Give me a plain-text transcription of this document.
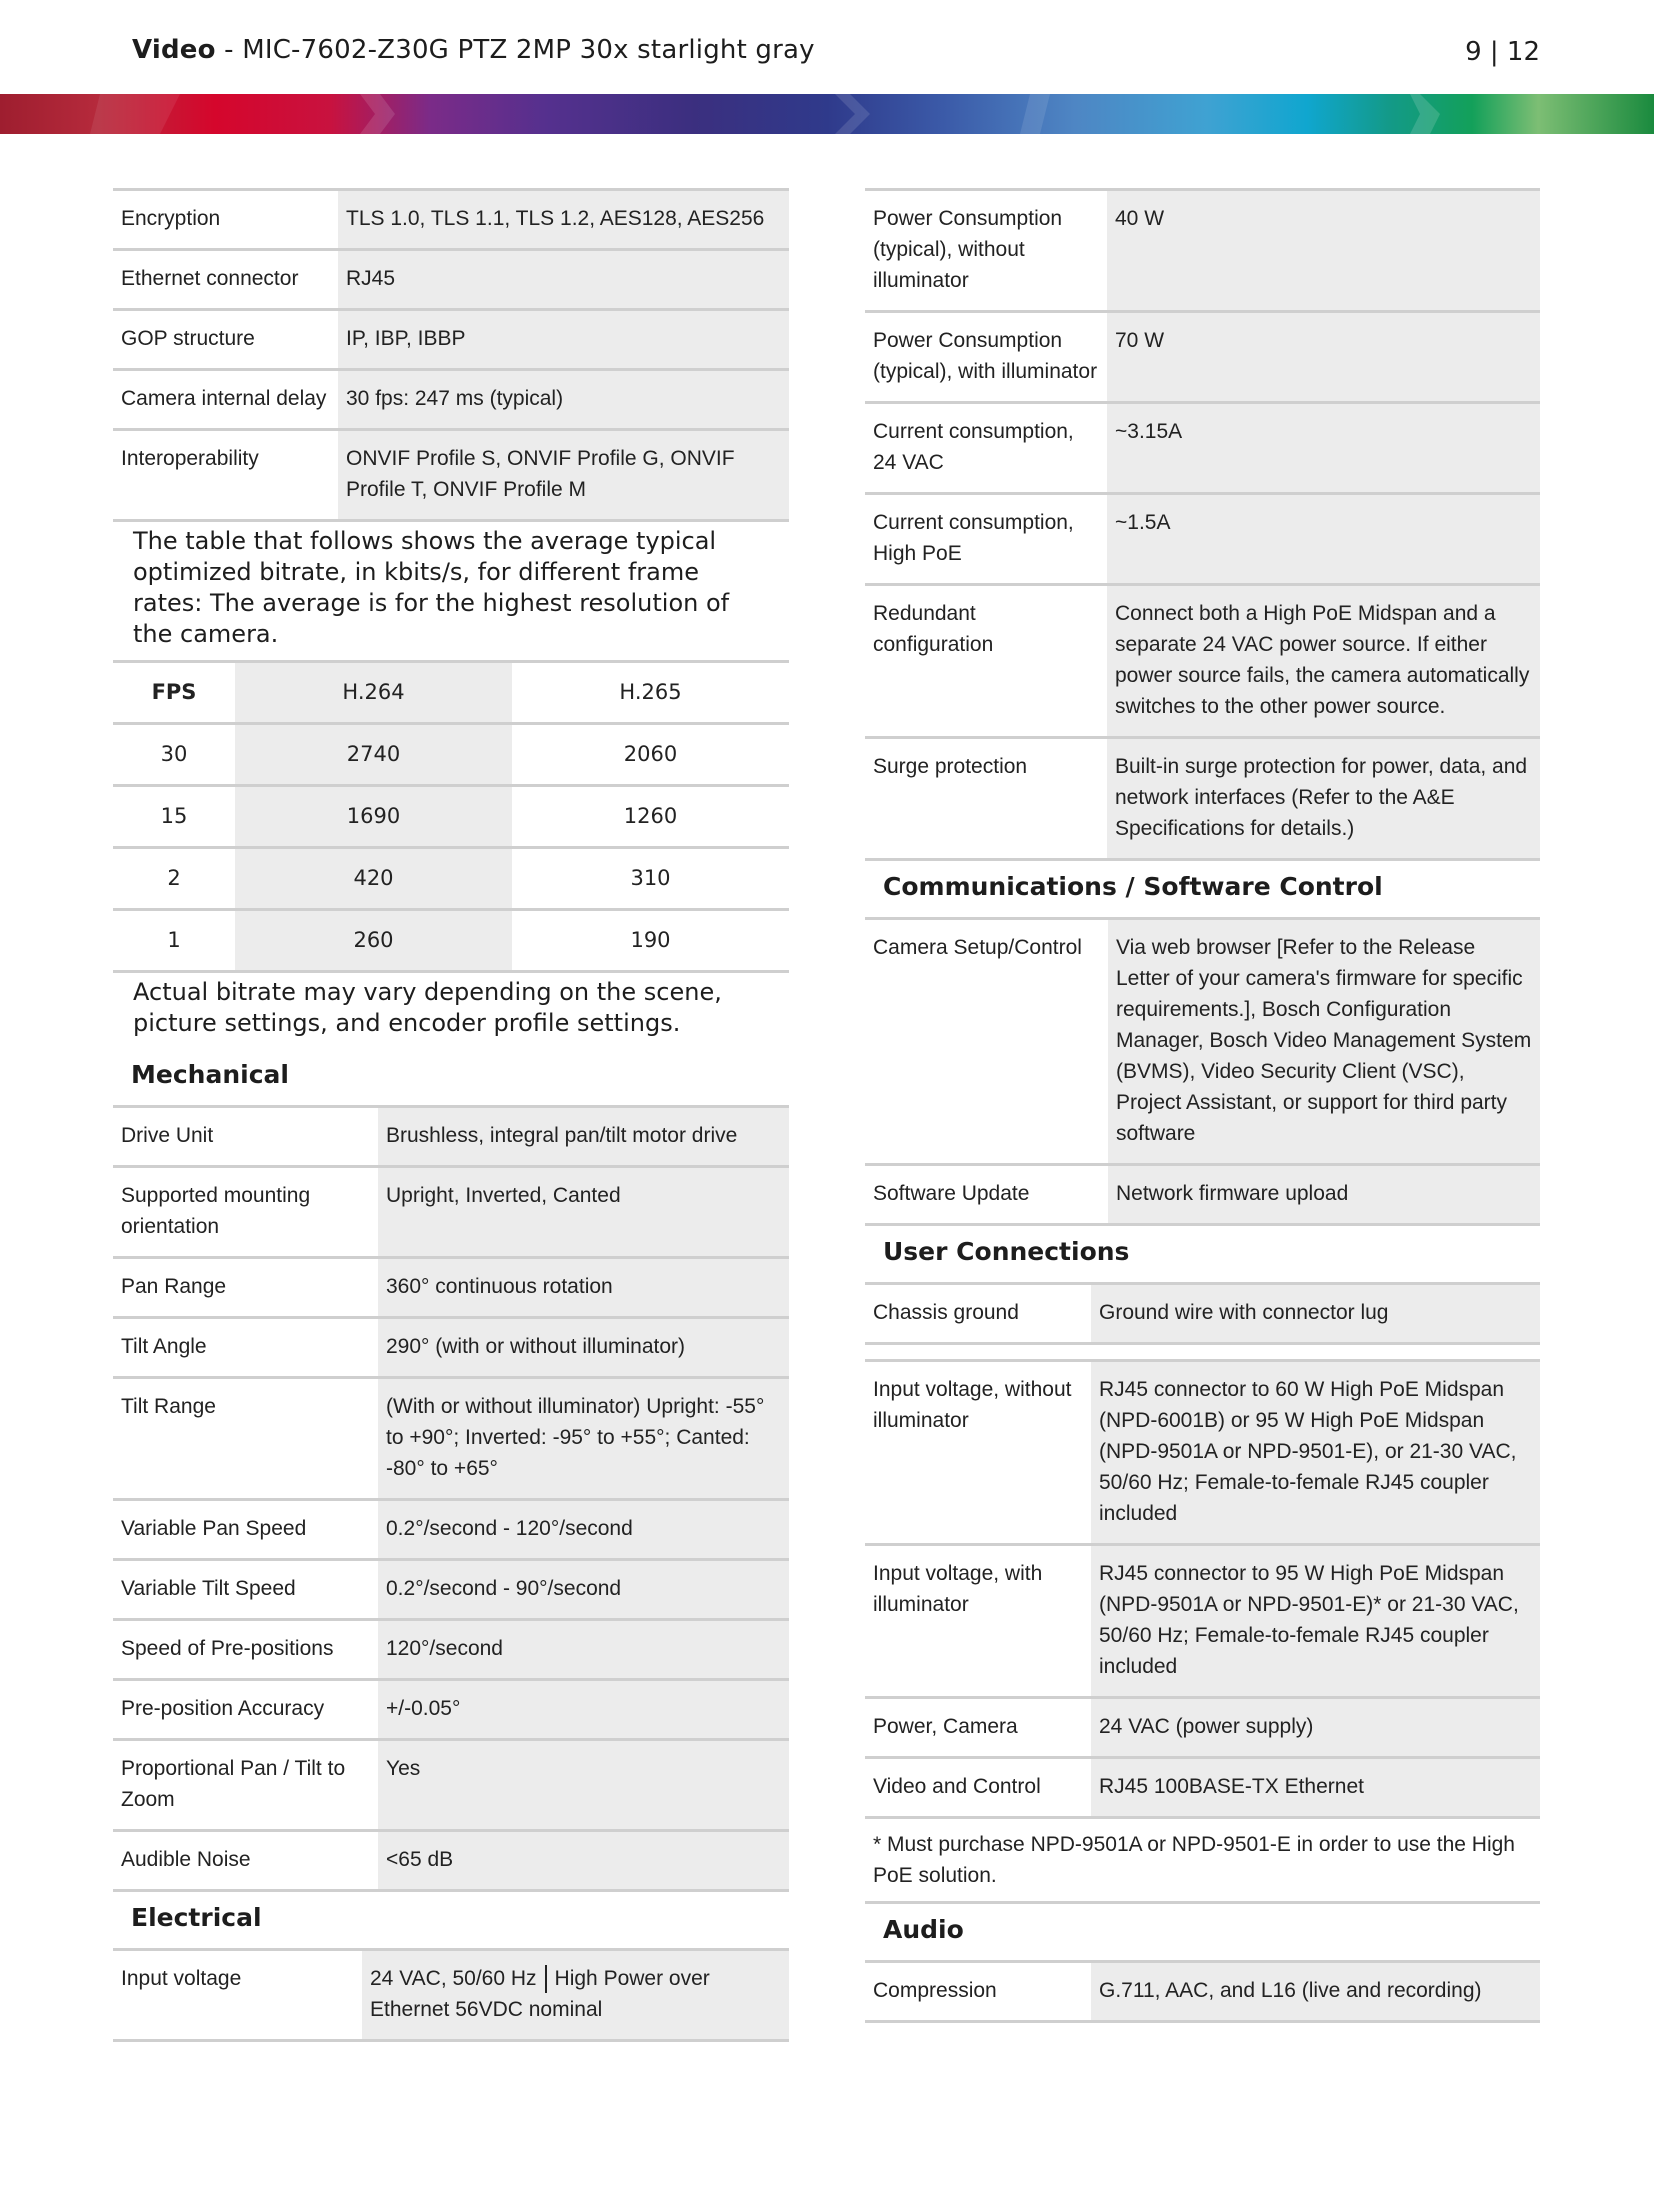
Video - MIC-7602-Z30G PTZ 2MP 30x starlight gray	9 | 12
Encryption	TLS 1.0, TLS 1.1, TLS 1.2, AES128, AES256
Ethernet connector	RJ45
GOP structure	IP, IBP, IBBP
Camera internal delay	30 fps: 247 ms (typical)
Interoperability	ONVIF Profile S, ONVIF Profile G, ONVIF Profile T, ONVIF Profile M
The table that follows shows the average typical optimized bitrate, in kbits/s, for different frame rates: The average is for the highest resolution of the camera.
FPS	H.264	H.265
30	2740	2060
15	1690	1260
2	420	310
1	260	190
Actual bitrate may vary depending on the scene, picture settings, and encoder profile settings.
Mechanical
Drive Unit	Brushless, integral pan/tilt motor drive
Supported mounting orientation	Upright, Inverted, Canted
Pan Range	360° continuous rotation
Tilt Angle	290° (with or without illuminator)
Tilt Range	(With or without illuminator) Upright: -55° to +90°; Inverted: -95° to +55°; Canted: -80° to +65°
Variable Pan Speed	0.2°/second - 120°/second
Variable Tilt Speed	0.2°/second - 90°/second
Speed of Pre-positions	120°/second
Pre-position Accuracy	+/-0.05°
Proportional Pan / Tilt to Zoom	Yes
Audible Noise	<65 dB
Electrical
Input voltage	24 VAC, 50/60 Hz High Power over Ethernet 56VDC nominal
Power Consumption (typical), without illuminator	40 W
Power Consumption (typical), with illuminator	70 W
Current consumption, 24 VAC	~3.15A
Current consumption, High PoE	~1.5A
Redundant configuration	Connect both a High PoE Midspan and a separate 24 VAC power source. If either power source fails, the camera automatically switches to the other power source.
Surge protection	Built-in surge protection for power, data, and network interfaces (Refer to the A&E Specifications for details.)
Communications / Software Control
Camera Setup/Control	Via web browser [Refer to the Release Letter of your camera's firmware for specific requirements.], Bosch Configuration Manager, Bosch Video Management System (BVMS), Video Security Client (VSC), Project Assistant, or support for third party software
Software Update	Network firmware upload
User Connections
Chassis ground	Ground wire with connector lug
Input voltage, without illuminator	RJ45 connector to 60 W High PoE Midspan (NPD-6001B) or 95 W High PoE Midspan (NPD-9501A or NPD-9501-E), or 21-30 VAC, 50/60 Hz; Female-to-female RJ45 coupler included
Input voltage, with illuminator	RJ45 connector to 95 W High PoE Midspan (NPD-9501A or NPD-9501-E)* or 21-30 VAC, 50/60 Hz; Female-to-female RJ45 coupler included
Power, Camera	24 VAC (power supply)
Video and Control	RJ45 100BASE-TX Ethernet
* Must purchase NPD-9501A or NPD-9501-E in order to use the High PoE solution.
Audio
Compression	G.711, AAC, and L16 (live and recording)
